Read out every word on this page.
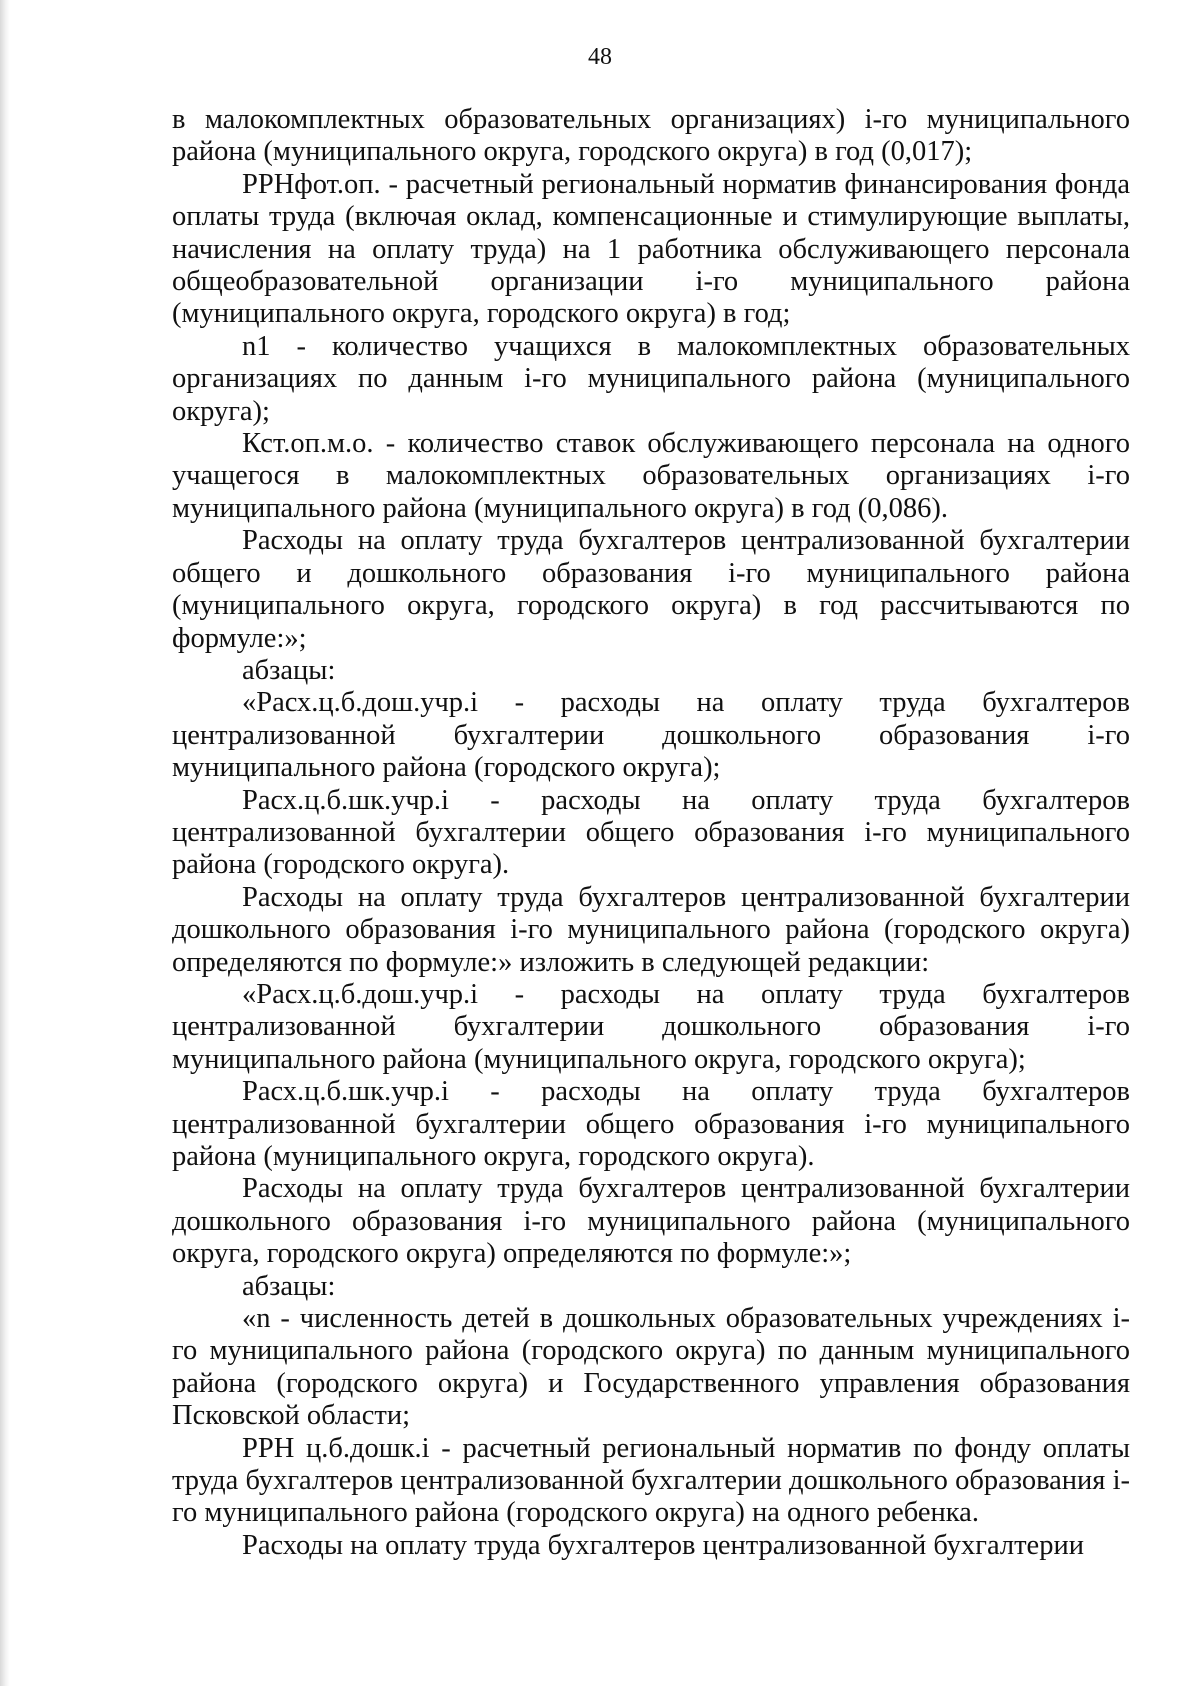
48

в малокомплектных образовательных организациях) i-го муниципального района (муниципального округа, городского округа) в год (0,017);

РРНфот.оп. - расчетный региональный норматив финансирования фонда оплаты труда (включая оклад, компенсационные и стимулирующие выплаты, начисления на оплату труда) на 1 работника обслуживающего персонала общеобразовательной организации i-го муниципального района (муниципального округа, городского округа) в год;

n1 - количество учащихся в малокомплектных образовательных организациях по данным i-го муниципального района (муниципального округа);

Кст.оп.м.о. - количество ставок обслуживающего персонала на одного учащегося в малокомплектных образовательных организациях i-го муниципального района (муниципального округа) в год (0,086).

Расходы на оплату труда бухгалтеров централизованной бухгалтерии общего и дошкольного образования i-го муниципального района (муниципального округа, городского округа) в год рассчитываются по формуле:»;

абзацы:

«Расх.ц.б.дош.учр.i - расходы на оплату труда бухгалтеров централизованной бухгалтерии дошкольного образования i-го муниципального района (городского округа);

Расх.ц.б.шк.учр.i - расходы на оплату труда бухгалтеров централизованной бухгалтерии общего образования i-го муниципального района (городского округа).

Расходы на оплату труда бухгалтеров централизованной бухгалтерии дошкольного образования i-го муниципального района (городского округа) определяются по формуле:» изложить в следующей редакции:

«Расх.ц.б.дош.учр.i - расходы на оплату труда бухгалтеров централизованной бухгалтерии дошкольного образования i-го муниципального района (муниципального округа, городского округа);

Расх.ц.б.шк.учр.i - расходы на оплату труда бухгалтеров централизованной бухгалтерии общего образования i-го муниципального района (муниципального округа, городского округа).

Расходы на оплату труда бухгалтеров централизованной бухгалтерии дошкольного образования i-го муниципального района (муниципального округа, городского округа) определяются по формуле:»;

абзацы:

«n - численность детей в дошкольных образовательных учреждениях i-го муниципального района (городского округа) по данным муниципального района (городского округа) и Государственного управления образования Псковской области;

РРН ц.б.дошк.i - расчетный региональный норматив по фонду оплаты труда бухгалтеров централизованной бухгалтерии дошкольного образования i-го муниципального района (городского округа) на одного ребенка.

Расходы на оплату труда бухгалтеров централизованной бухгалтерии
